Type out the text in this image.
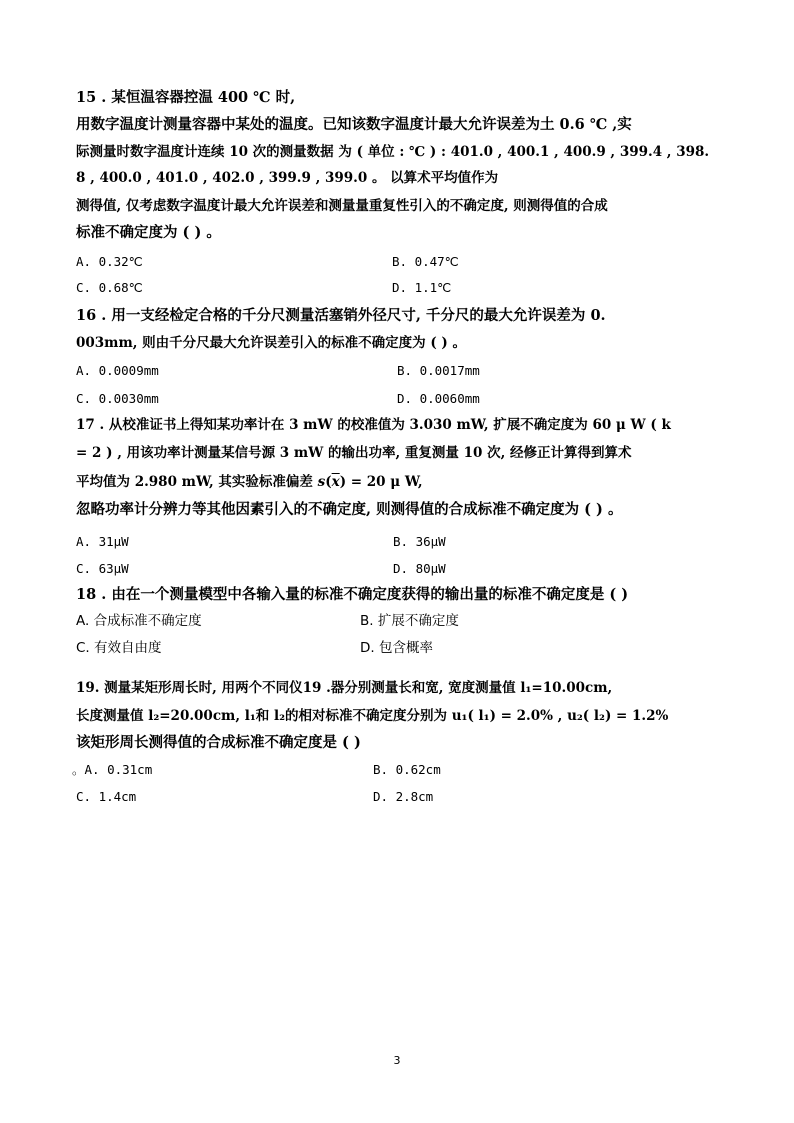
15 . 某恒温容器控温 400 ℃ 时,
用数字温度计测量容器中某处的温度。已知该数字温度计最大允许误差为土 0.6 ℃ ,实
际测量时数字温度计连续 10 次的测量数据 为 ( 单位 : ℃ ) : 401.0 , 400.1 , 400.9 , 399.4 , 398.
8 , 400.0 , 401.0 , 402.0 , 399.9 , 399.0 。 以算术平均值作为
测得值, 仅考虑数字温度计最大允许误差和测量量重复性引入的不确定度, 则测得值的合成
标准不确定度为 ( ) 。
A. 0.32℃	B. 0.47℃
C. 0.68℃	D. 1.1℃
16 . 用一支经检定合格的千分尺测量活塞销外径尺寸, 千分尺的最大允许误差为 0.
003mm, 则由千分尺最大允许误差引入的标准不确定度为 ( ) 。
A. 0.0009mm	B. 0.0017mm
C. 0.0030mm	D. 0.0060mm
17 . 从校准证书上得知某功率计在 3 mW 的校准值为 3.030 mW, 扩展不确定度为 60 μ W ( k
= 2 ) , 用该功率计测量某信号源 3 mW 的输出功率, 重复测量 10 次, 经修正计算得到算术
平均值为 2.980 mW, 其实验标准偏差 $s(\overline{x}) = 20$ μ W,
忽略功率计分辨力等其他因素引入的不确定度, 则测得值的合成标准不确定度为 ( ) 。
A. 31μW	B. 36μW
C. 63μW	D. 80μW
18 . 由在一个测量模型中各输入量的标准不确定度获得的输出量的标准不确定度是 ( )
A. 合成标准不确定度	B. 扩展不确定度
C. 有效自由度	D. 包含概率
19. 测量某矩形周长时, 用两个不同仪19 .器分别测量长和宽, 宽度测量值 l₁=10.00cm,
长度测量值 l₂=20.00cm, l₁和 l₂的相对标准不确定度分别为 u₁( l₁) = 2.0% , u₂( l₂) = 1.2%
该矩形周长测得值的合成标准不确定度是 ( )
。A. 0.31cm	B. 0.62cm
C. 1.4cm	D. 2.8cm
3
